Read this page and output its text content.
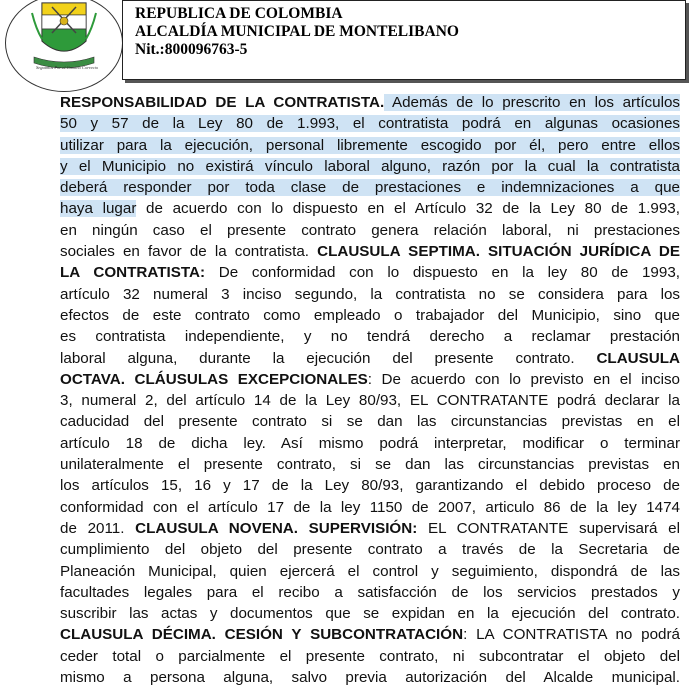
Seguimos Por el Camino Correcto
REPUBLICA DE COLOMBIA
ALCALDÍA MUNICIPAL DE MONTELIBANO
Nit.:800096763-5
RESPONSABILIDAD DE LA CONTRATISTA. Además de lo prescrito en los artículos
50 y 57 de la Ley 80 de 1.993, el contratista podrá en algunas ocasiones
utilizar para la ejecución, personal libremente escogido por él, pero entre ellos
y el Municipio no existirá vínculo laboral alguno, razón por la cual la contratista
deberá responder por toda clase de prestaciones e indemnizaciones a que
haya lugar de acuerdo con lo dispuesto en el Artículo 32 de la Ley 80 de 1.993,
en ningún caso el presente contrato genera relación laboral, ni prestaciones
sociales en favor de la contratista. CLAUSULA SEPTIMA. SITUACIÓN JURÍDICA DE
LA CONTRATISTA: De conformidad con lo dispuesto en la ley 80 de 1993,
artículo 32 numeral 3 inciso segundo, la contratista no se considera para los
efectos de este contrato como empleado o trabajador del Municipio, sino que
es contratista independiente, y no tendrá derecho a reclamar prestación
laboral alguna, durante la ejecución del presente contrato. CLAUSULA
OCTAVA. CLÁUSULAS EXCEPCIONALES: De acuerdo con lo previsto en el inciso
3, numeral 2, del artículo 14 de la Ley 80/93, EL CONTRATANTE podrá declarar la
caducidad del presente contrato si se dan las circunstancias previstas en el
artículo 18 de dicha ley. Así mismo podrá interpretar, modificar o terminar
unilateralmente el presente contrato, si se dan las circunstancias previstas en
los artículos 15, 16 y 17 de la Ley 80/93, garantizando el debido proceso de
conformidad con el artículo 17 de la ley 1150 de 2007, articulo 86 de la ley 1474
de 2011. CLAUSULA NOVENA. SUPERVISIÓN: EL CONTRATANTE supervisará el
cumplimiento del objeto del presente contrato a través de la Secretaria de
Planeación Municipal, quien ejercerá el control y seguimiento, dispondrá de las
facultades legales para el recibo a satisfacción de los servicios prestados y
suscribir las actas y documentos que se expidan en la ejecución del contrato.
CLAUSULA DÉCIMA. CESIÓN Y SUBCONTRATACIÓN: LA CONTRATISTA no podrá
ceder total o parcialmente el presente contrato, ni subcontratar el objeto del
mismo a persona alguna, salvo previa autorización del Alcalde municipal.
